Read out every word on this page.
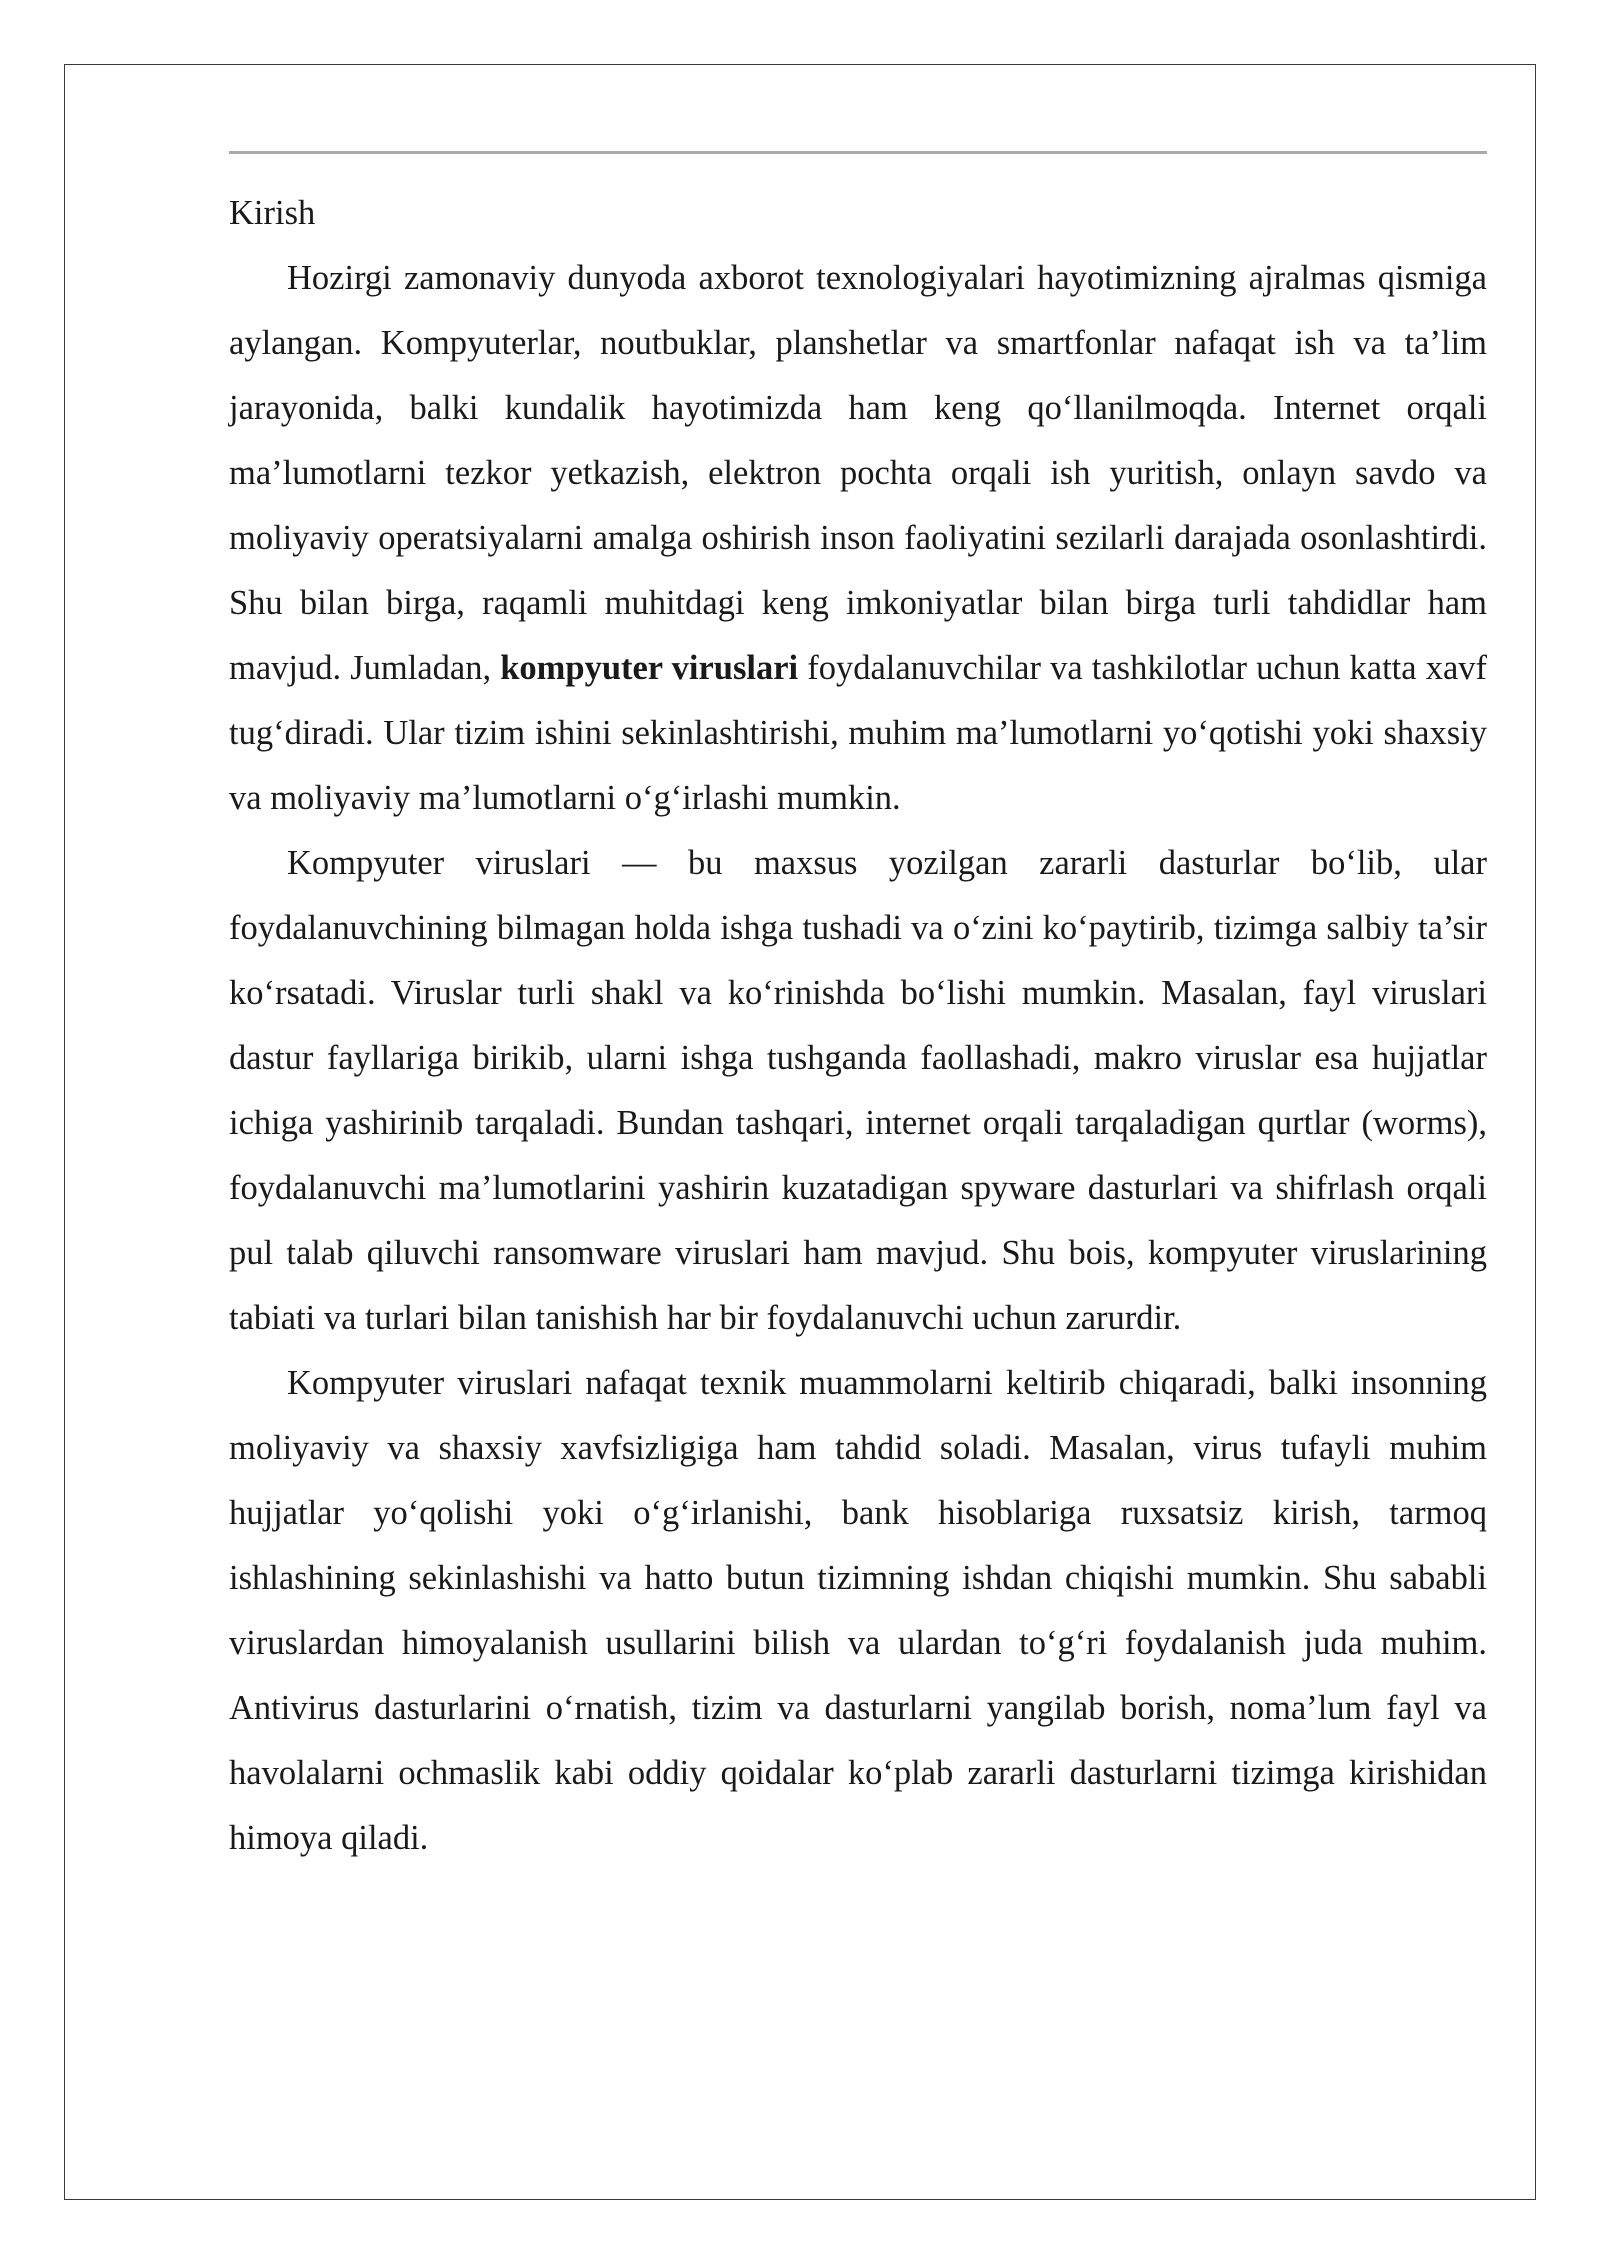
Kirish

Hozirgi zamonaviy dunyoda axborot texnologiyalari hayotimizning ajralmas qismiga aylangan. Kompyuterlar, noutbuklar, planshetlar va smartfonlar nafaqat ish va ta’lim jarayonida, balki kundalik hayotimizda ham keng qo‘llanilmoqda. Internet orqali ma’lumotlarni tezkor yetkazish, elektron pochta orqali ish yuritish, onlayn savdo va moliyaviy operatsiyalarni amalga oshirish inson faoliyatini sezilarli darajada osonlashtirdi. Shu bilan birga, raqamli muhitdagi keng imkoniyatlar bilan birga turli tahdidlar ham mavjud. Jumladan, kompyuter viruslari foydalanuvchilar va tashkilotlar uchun katta xavf tug‘diradi. Ular tizim ishini sekinlashtirishi, muhim ma’lumotlarni yo‘qotishi yoki shaxsiy va moliyaviy ma’lumotlarni o‘g‘irlashi mumkin.

Kompyuter viruslari — bu maxsus yozilgan zararli dasturlar bo‘lib, ular foydalanuvchining bilmagan holda ishga tushadi va o‘zini ko‘paytirib, tizimga salbiy ta’sir ko‘rsatadi. Viruslar turli shakl va ko‘rinishda bo‘lishi mumkin. Masalan, fayl viruslari dastur fayllariga birikib, ularni ishga tushganda faollashadi, makro viruslar esa hujjatlar ichiga yashirinib tarqaladi. Bundan tashqari, internet orqali tarqaladigan qurtlar (worms), foydalanuvchi ma’lumotlarini yashirin kuzatadigan spyware dasturlari va shifrlash orqali pul talab qiluvchi ransomware viruslari ham mavjud. Shu bois, kompyuter viruslarining tabiati va turlari bilan tanishish har bir foydalanuvchi uchun zarurdir.

Kompyuter viruslari nafaqat texnik muammolarni keltirib chiqaradi, balki insonning moliyaviy va shaxsiy xavfsizligiga ham tahdid soladi. Masalan, virus tufayli muhim hujjatlar yo‘qolishi yoki o‘g‘irlanishi, bank hisoblariga ruxsatsiz kirish, tarmoq ishlashining sekinlashishi va hatto butun tizimning ishdan chiqishi mumkin. Shu sababli viruslardan himoyalanish usullarini bilish va ulardan to‘g‘ri foydalanish juda muhim. Antivirus dasturlarini o‘rnatish, tizim va dasturlarni yangilab borish, noma’lum fayl va havolalarni ochmaslik kabi oddiy qoidalar ko‘plab zararli dasturlarni tizimga kirishidan himoya qiladi.
